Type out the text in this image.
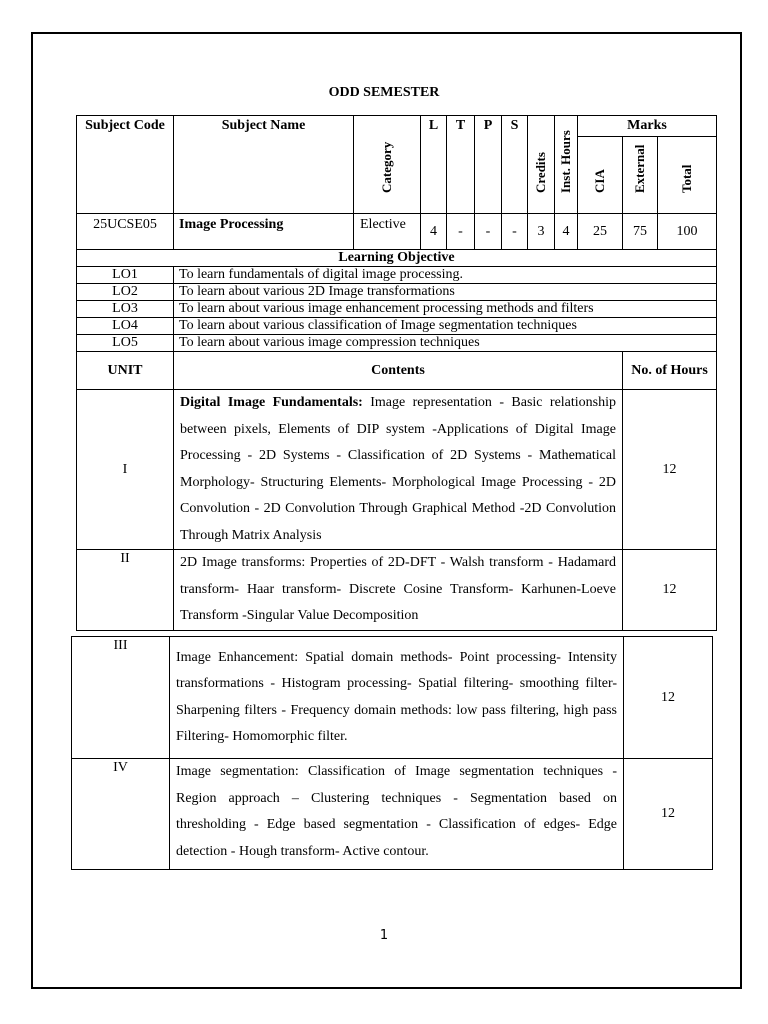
ODD SEMESTER
Subject Code	Subject Name	Category	L	T	P	S	Credits	Inst. Hours	Marks		

									CIA	External	Total

25UCSE05	Image Processing	Elective	4	-	-	-	3	4	25	75	100
Learning Objective											
LO1	To learn fundamentals of digital image processing.										
LO2	To learn about various 2D Image transformations										
LO3	To learn about various image enhancement processing methods and filters										
LO4	To learn about various classification of Image segmentation techniques										
LO5	To learn about various image compression techniques										
UNIT	Contents									No. of Hours	
I	Digital Image Fundamentals: Image representation - Basic relationship between pixels, Elements of DIP system -Applications of Digital Image Processing - 2D Systems - Classification of 2D Systems - Mathematical Morphology- Structuring Elements- Morphological Image Processing - 2D Convolution - 2D Convolution Through Graphical Method -2D Convolution Through Matrix Analysis									12	
II	2D Image transforms: Properties of 2D-DFT - Walsh transform - Hadamard transform- Haar transform- Discrete Cosine Transform- Karhunen-Loeve Transform -Singular Value Decomposition									12	
III	Image Enhancement: Spatial domain methods- Point processing- Intensity transformations - Histogram processing- Spatial filtering- smoothing filter- Sharpening filters - Frequency domain methods: low pass filtering, high pass Filtering- Homomorphic filter.	12
IV	Image segmentation: Classification of Image segmentation techniques - Region approach – Clustering techniques - Segmentation based on thresholding - Edge based segmentation - Classification of edges- Edge detection - Hough transform- Active contour.	12
1
